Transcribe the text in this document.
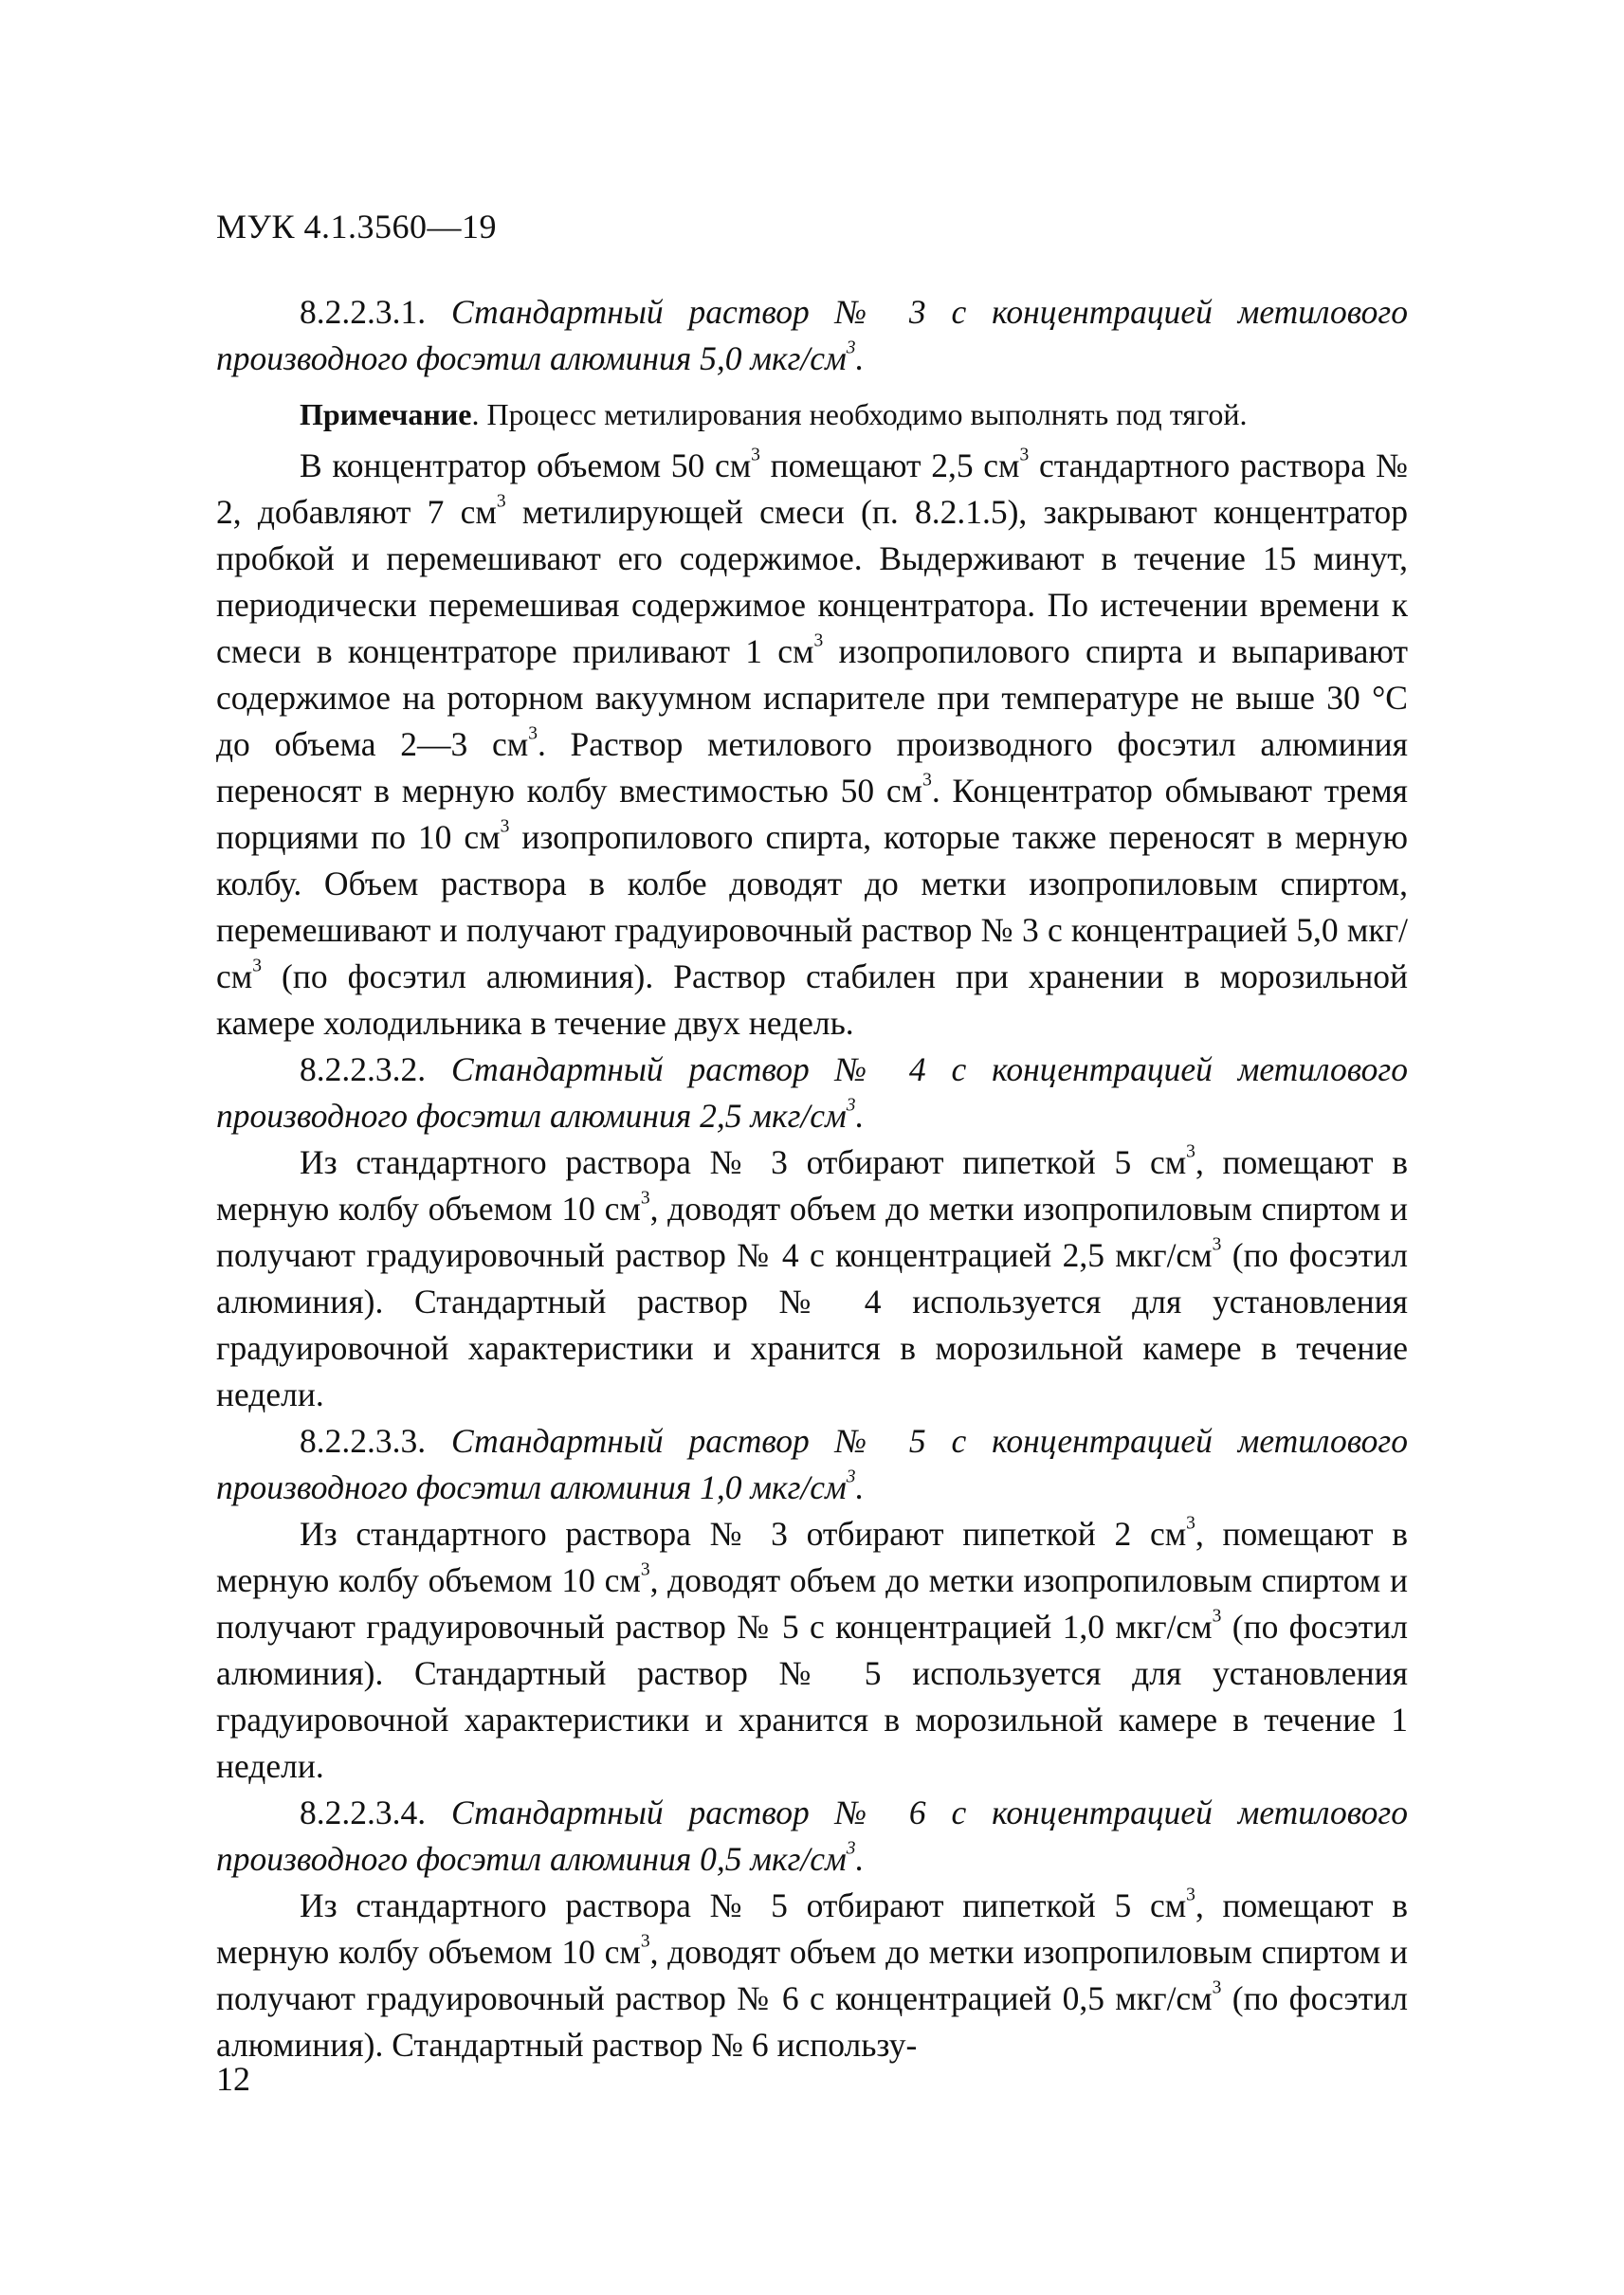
МУК 4.1.3560—19

8.2.2.3.1. Стандартный раствор № 3 с концентрацией метилового производного фосэтил алюминия 5,0 мкг/$см^3$.

Примечание. Процесс метилирования необходимо выполнять под тягой.

В концентратор объемом 50 $см^3$ помещают 2,5 $см^3$ стандартного раствора № 2, добавляют 7 $см^3$ метилирующей смеси (п. 8.2.1.5), закрывают концентратор пробкой и перемешивают его содержимое. Выдерживают в течение 15 минут, периодически перемешивая содержимое концентратора. По истечении времени к смеси в концентраторе приливают 1 $см^3$ изопропилового спирта и выпаривают содержимое на роторном вакуумном испарителе при температуре не выше 30 °С до объема 2—3 $см^3$. Раствор метилового производного фосэтил алюминия переносят в мерную колбу вместимостью 50 $см^3$. Концентратор обмывают тремя порциями по 10 $см^3$ изопропилового спирта, которые также переносят в мерную колбу. Объем раствора в колбе доводят до метки изопропиловым спиртом, перемешивают и получают градуировочный раствор № 3 с концентрацией 5,0 мкг/$см^3$ (по фосэтил алюминия). Раствор стабилен при хранении в морозильной камере холодильника в течение двух недель.

8.2.2.3.2. Стандартный раствор № 4 с концентрацией метилового производного фосэтил алюминия 2,5 мкг/$см^3$.

Из стандартного раствора № 3 отбирают пипеткой 5 $см^3$, помещают в мерную колбу объемом 10 $см^3$, доводят объем до метки изопропиловым спиртом и получают градуировочный раствор № 4 с концентрацией 2,5 мкг/$см^3$ (по фосэтил алюминия). Стандартный раствор № 4 используется для установления градуировочной характеристики и хранится в морозильной камере в течение недели.

8.2.2.3.3. Стандартный раствор № 5 с концентрацией метилового производного фосэтил алюминия 1,0 мкг/$см^3$.

Из стандартного раствора № 3 отбирают пипеткой 2 $см^3$, помещают в мерную колбу объемом 10 $см^3$, доводят объем до метки изопропиловым спиртом и получают градуировочный раствор № 5 с концентрацией 1,0 мкг/$см^3$ (по фосэтил алюминия). Стандартный раствор № 5 используется для установления градуировочной характеристики и хранится в морозильной камере в течение 1 недели.

8.2.2.3.4. Стандартный раствор № 6 с концентрацией метилового производного фосэтил алюминия 0,5 мкг/$см^3$.

Из стандартного раствора № 5 отбирают пипеткой 5 $см^3$, помещают в мерную колбу объемом 10 $см^3$, доводят объем до метки изопропиловым спиртом и получают градуировочный раствор № 6 с концентрацией 0,5 мкг/$см^3$ (по фосэтил алюминия). Стандартный раствор № 6 использу-

12
